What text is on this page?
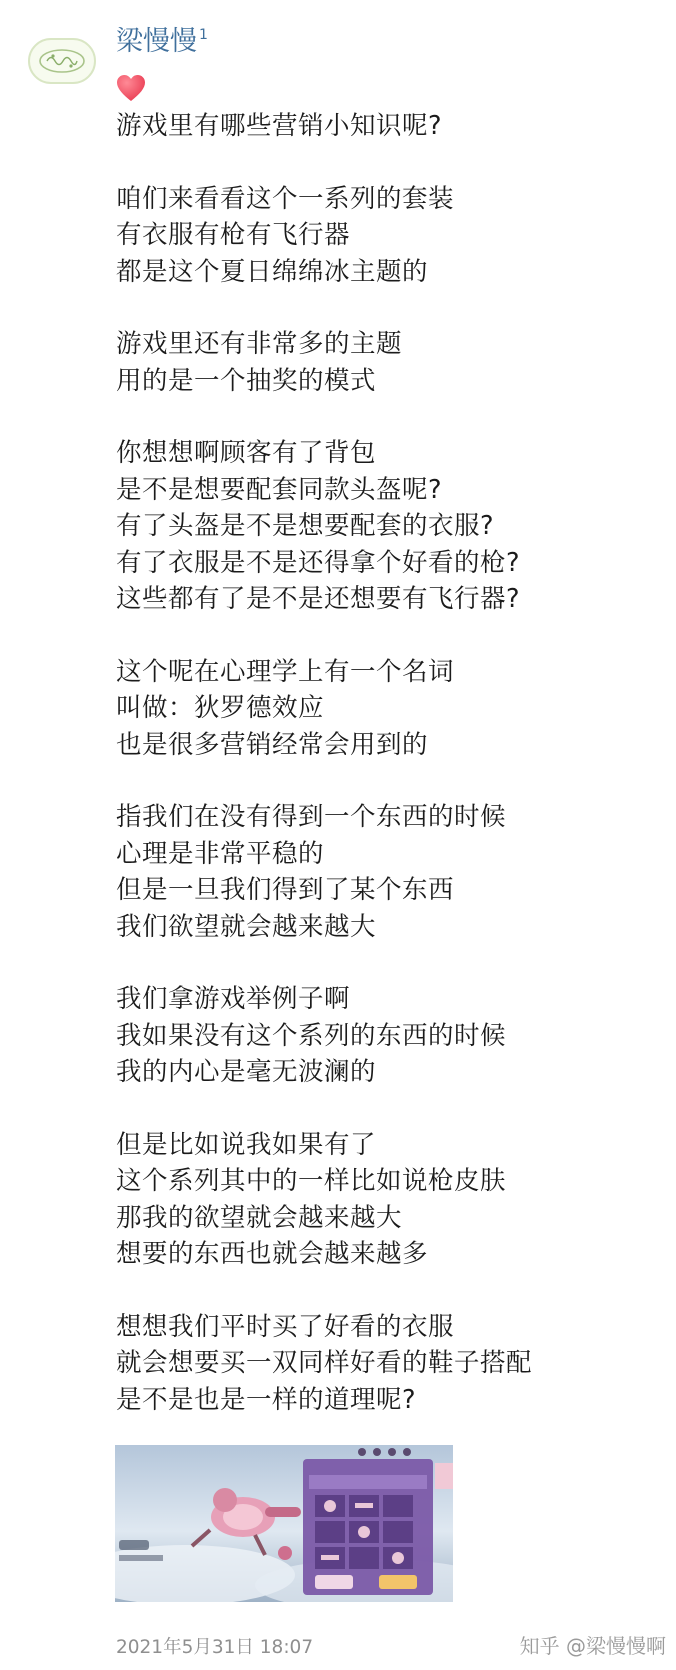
梁慢慢 1
游戏里有哪些营销小知识呢?
咱们来看看这个一系列的套装
有衣服有枪有飞行器
都是这个夏日绵绵冰主题的
游戏里还有非常多的主题
用的是一个抽奖的模式
你想想啊顾客有了背包
是不是想要配套同款头盔呢?
有了头盔是不是想要配套的衣服?
有了衣服是不是还得拿个好看的枪?
这些都有了是不是还想要有飞行器?
这个呢在心理学上有一个名词
叫做：狄罗德效应
也是很多营销经常会用到的
指我们在没有得到一个东西的时候
心理是非常平稳的
但是一旦我们得到了某个东西
我们欲望就会越来越大
我们拿游戏举例子啊
我如果没有这个系列的东西的时候
我的内心是毫无波澜的
但是比如说我如果有了
这个系列其中的一样比如说枪皮肤
那我的欲望就会越来越大
想要的东西也就会越来越多
想想我们平时买了好看的衣服
就会想要买一双同样好看的鞋子搭配
是不是也是一样的道理呢?
2021年5月31日 18:07	知乎 @梁慢慢啊
